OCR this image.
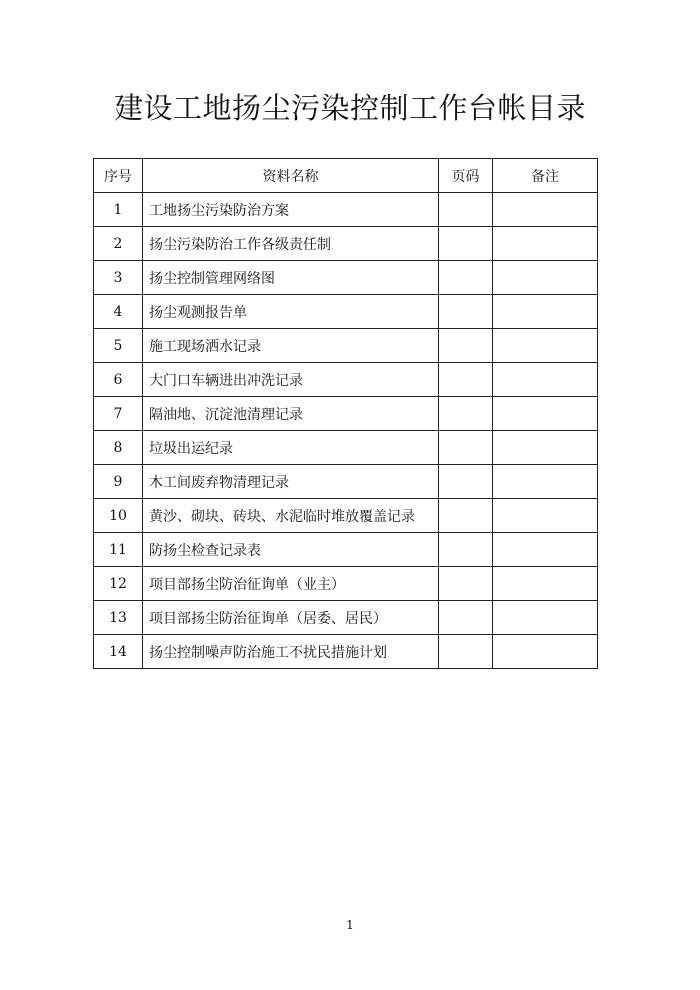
建设工地扬尘污染控制工作台帐目录
序号	资料名称	页码	备注
1	工地扬尘污染防治方案		
2	扬尘污染防治工作各级责任制		
3	扬尘控制管理网络图		
4	扬尘观测报告单		
5	施工现场洒水记录		
6	大门口车辆进出冲洗记录		
7	隔油地、沉淀池清理记录		
8	垃圾出运纪录		
9	木工间废弃物清理记录		
10	黄沙、砌块、砖块、水泥临时堆放覆盖记录		
11	防扬尘检查记录表		
12	项目部扬尘防治征询单（业主）		
13	项目部扬尘防治征询单（居委、居民）		
14	扬尘控制噪声防治施工不扰民措施计划		
1
